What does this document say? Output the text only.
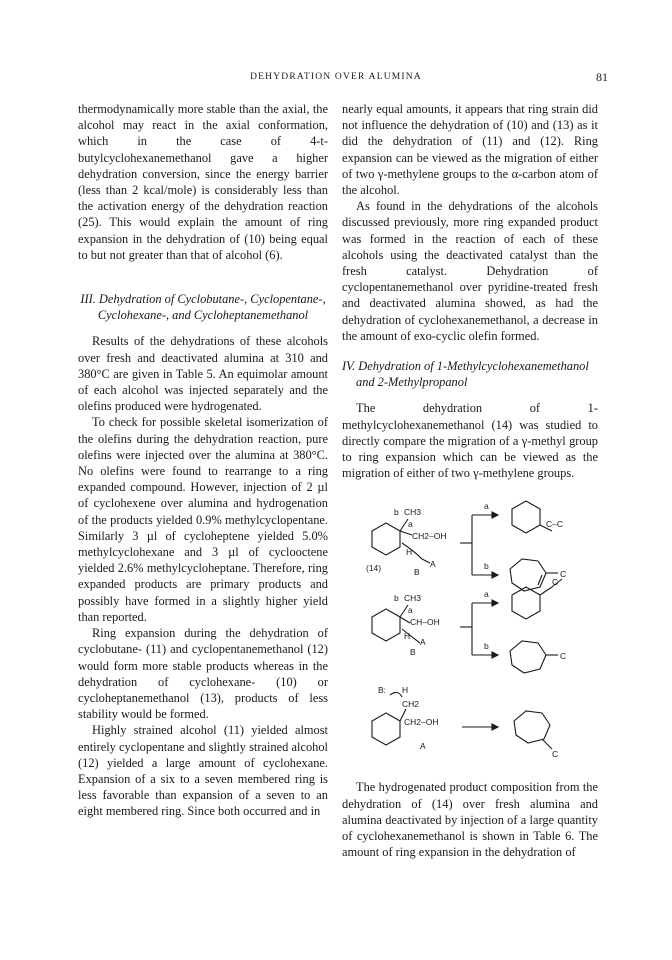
DEHYDRATION OVER ALUMINA	81

thermodynamically more stable than the axial, the alcohol may react in the axial conformation, which in the case of 4-t-butylcyclohexanemethanol gave a higher dehydration conversion, since the energy barrier (less than 2 kcal/mole) is considerably less than the activation energy of the dehydration reaction (25). This would explain the amount of ring expansion in the dehydration of (10) being equal to but not greater than that of alcohol (6).

III. Dehydration of Cyclobutane-, Cyclopentane-, Cyclohexane-, and Cycloheptanemethanol

Results of the dehydrations of these alcohols over fresh and deactivated alumina at 310 and 380°C are given in Table 5. An equimolar amount of each alcohol was injected separately and the olefins produced were hydrogenated.

To check for possible skeletal isomerization of the olefins during the dehydration reaction, pure olefins were injected over the alumina at 380°C. No olefins were found to rearrange to a ring expanded compound. However, injection of 2 µl of cyclohexene over alumina and hydrogenation of the products yielded 0.9% methylcyclopentane. Similarly 3 µl of cycloheptene yielded 5.0% methylcyclohexane and 3 µl of cyclooctene yielded 2.6% methylcycloheptane. Therefore, ring expanded products are primary products and possibly have formed in a slightly higher yield than reported.

Ring expansion during the dehydration of cyclobutane- (11) and cyclopentanemethanol (12) would form more stable products whereas in the dehydration of cyclohexane- (10) or cycloheptanemethanol (13), products of less stability would be formed.

Highly strained alcohol (11) yielded almost entirely cyclopentane and slightly strained alcohol (12) yielded a large amount of cyclohexane. Expansion of a six to a seven membered ring is less favorable than expansion of a seven to an eight membered ring. Since both occurred and in

nearly equal amounts, it appears that ring strain did not influence the dehydration of (10) and (13) as it did the dehydration of (11) and (12). Ring expansion can be viewed as the migration of either of two γ-methylene groups to the α-carbon atom of the alcohol.

As found in the dehydrations of the alcohols discussed previously, more ring expanded product was formed in the reaction of each of these alcohols using the deactivated catalyst than the fresh catalyst. Dehydration of cyclopentanemethanol over pyridine-treated fresh and deactivated alumina showed, as had the dehydration of cyclohexanemethanol, a decrease in the amount of exo-cyclic olefin formed.

IV. Dehydration of 1-Methylcyclohexanemethanol and 2-Methylpropanol

The dehydration of 1-methylcyclohexanemethanol (14) was studied to directly compare the migration of a γ-methyl group to ring expansion which can be viewed as the migration of either of two γ-methylene groups.

CH3
b
a
CH2–OH
H
A
B
(14)
a
b
C–C
C
b CH3
a
CH–OH
H
A
B
a
b
C
C
B: H
CH2
CH2–OH
A
C

The hydrogenated product composition from the dehydration of (14) over fresh alumina and alumina deactivated by injection of a large quantity of cyclohexanemethanol is shown in Table 6. The amount of ring expansion in the dehydration of
